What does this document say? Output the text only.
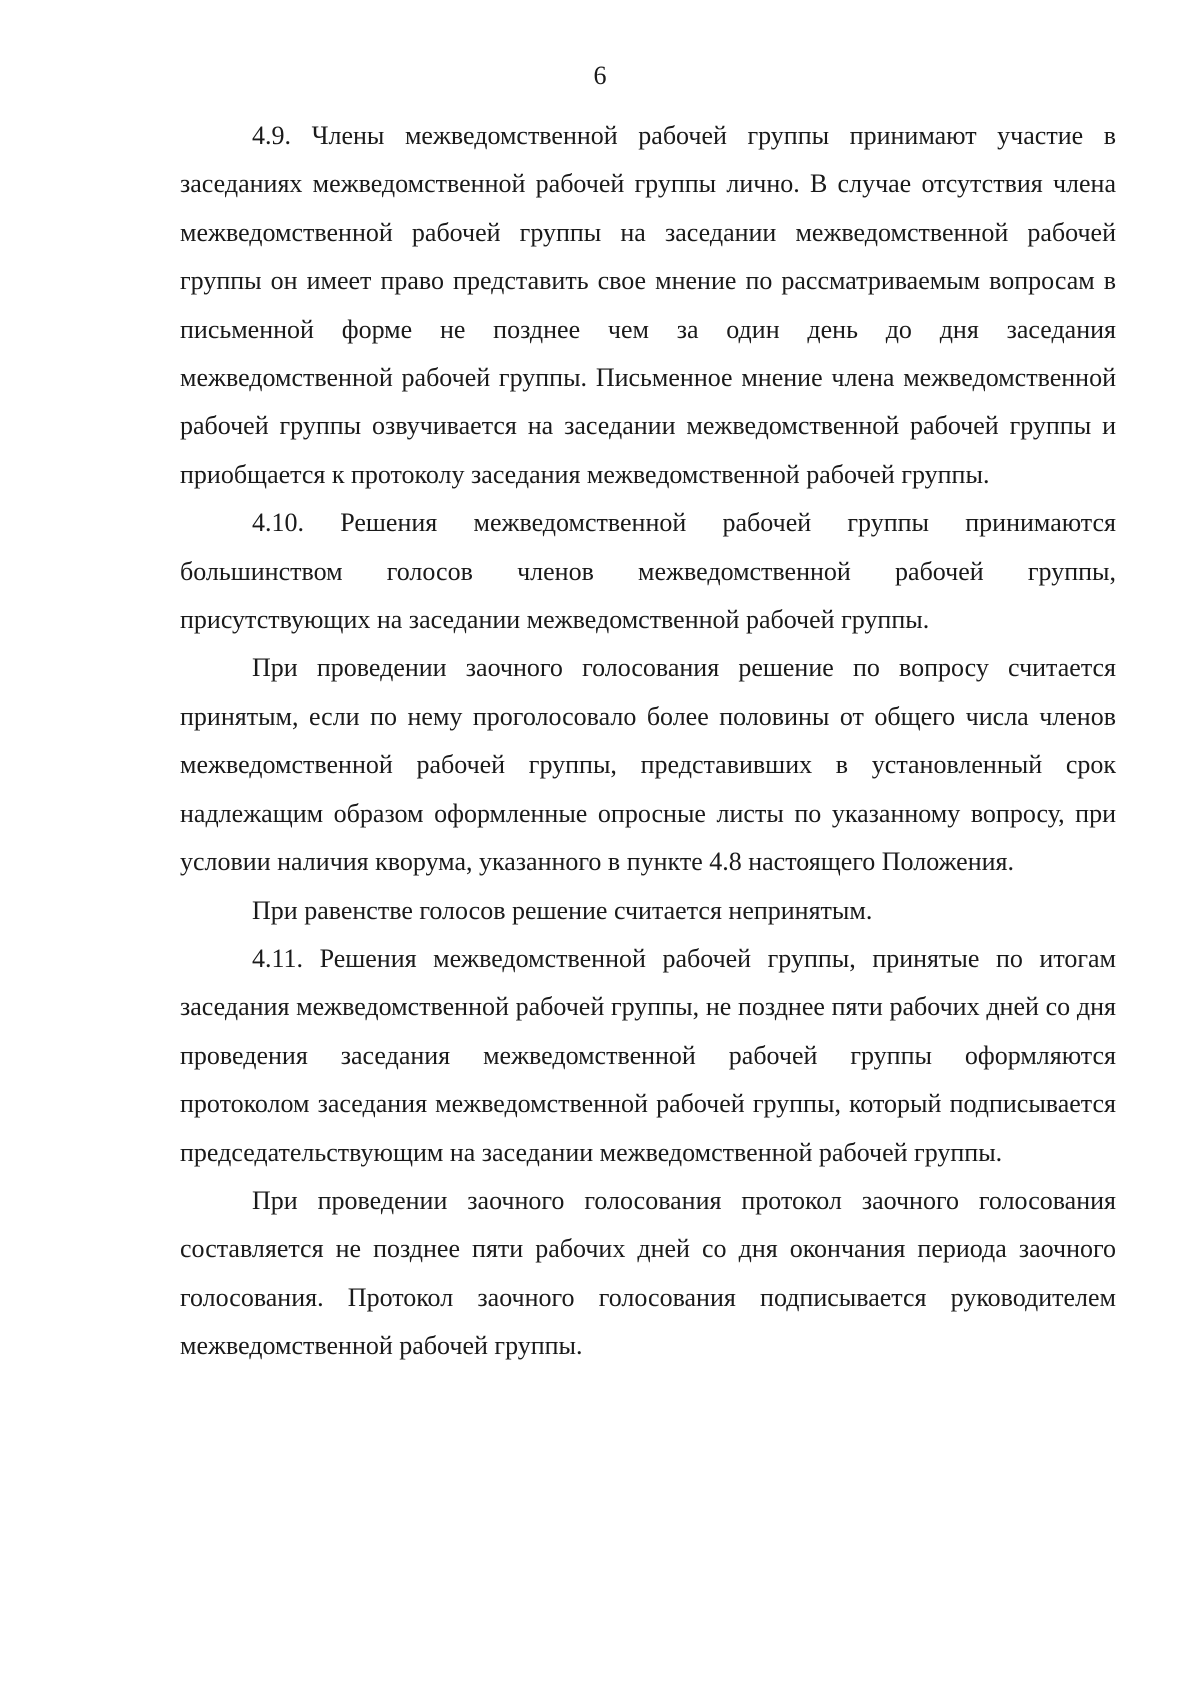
6

4.9. Члены межведомственной рабочей группы принимают участие в заседаниях межведомственной рабочей группы лично. В случае отсутствия члена межведомственной рабочей группы на заседании межведомственной рабочей группы он имеет право представить свое мнение по рассматриваемым вопросам в письменной форме не позднее чем за один день до дня заседания межведомственной рабочей группы. Письменное мнение члена межведомственной рабочей группы озвучивается на заседании межведомственной рабочей группы и приобщается к протоколу заседания межведомственной рабочей группы.

4.10. Решения межведомственной рабочей группы принимаются большинством голосов членов межведомственной рабочей группы, присутствующих на заседании межведомственной рабочей группы.

При проведении заочного голосования решение по вопросу считается принятым, если по нему проголосовало более половины от общего числа членов межведомственной рабочей группы, представивших в установленный срок надлежащим образом оформленные опросные листы по указанному вопросу, при условии наличия кворума, указанного в пункте 4.8 настоящего Положения.

При равенстве голосов решение считается непринятым.

4.11. Решения межведомственной рабочей группы, принятые по итогам заседания межведомственной рабочей группы, не позднее пяти рабочих дней со дня проведения заседания межведомственной рабочей группы оформляются протоколом заседания межведомственной рабочей группы, который подписывается председательствующим на заседании межведомственной рабочей группы.

При проведении заочного голосования протокол заочного голосования составляется не позднее пяти рабочих дней со дня окончания периода заочного голосования. Протокол заочного голосования подписывается руководителем межведомственной рабочей группы.
